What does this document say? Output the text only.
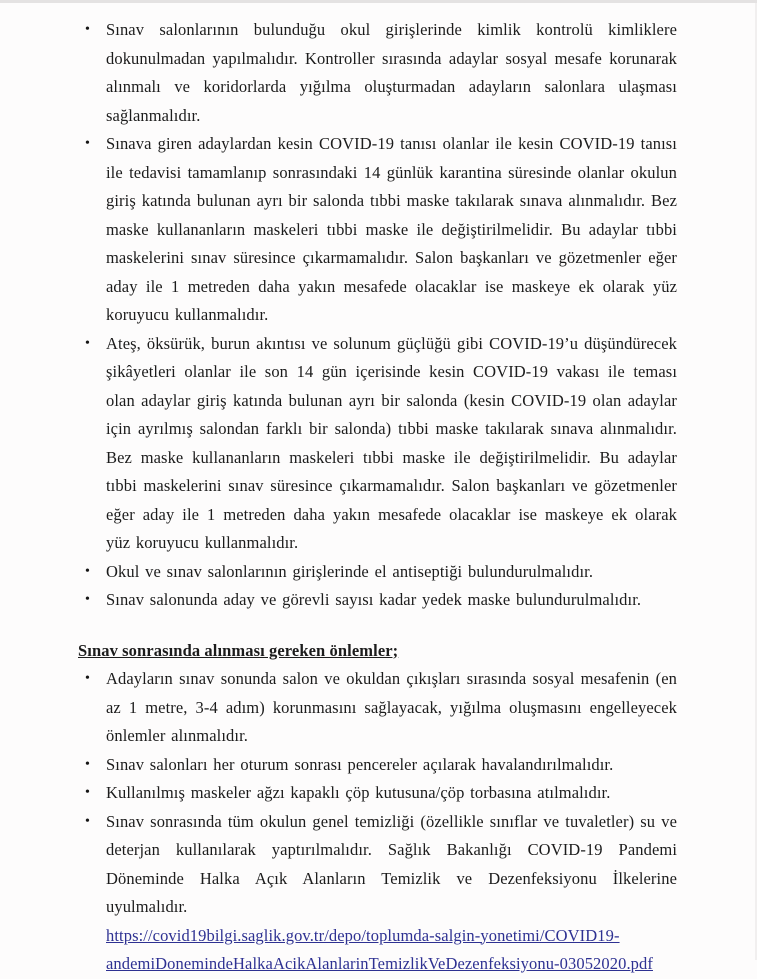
• Sınav salonlarının bulunduğu okul girişlerinde kimlik kontrolü kimliklere dokunulmadan yapılmalıdır. Kontroller sırasında adaylar sosyal mesafe korunarak alınmalı ve koridorlarda yığılma oluşturmadan adayların salonlara ulaşması sağlanmalıdır.
• Sınava giren adaylardan kesin COVID-19 tanısı olanlar ile kesin COVID-19 tanısı ile tedavisi tamamlanıp sonrasındaki 14 günlük karantina süresinde olanlar okulun giriş katında bulunan ayrı bir salonda tıbbi maske takılarak sınava alınmalıdır. Bez maske kullananların maskeleri tıbbi maske ile değiştirilmelidir. Bu adaylar tıbbi maskelerini sınav süresince çıkarmamalıdır. Salon başkanları ve gözetmenler eğer aday ile 1 metreden daha yakın mesafede olacaklar ise maskeye ek olarak yüz koruyucu kullanmalıdır.
• Ateş, öksürük, burun akıntısı ve solunum güçlüğü gibi COVID-19’u düşündürecek şikâyetleri olanlar ile son 14 gün içerisinde kesin COVID-19 vakası ile teması olan adaylar giriş katında bulunan ayrı bir salonda (kesin COVID-19 olan adaylar için ayrılmış salondan farklı bir salonda) tıbbi maske takılarak sınava alınmalıdır. Bez maske kullananların maskeleri tıbbi maske ile değiştirilmelidir. Bu adaylar tıbbi maskelerini sınav süresince çıkarmamalıdır. Salon başkanları ve gözetmenler eğer aday ile 1 metreden daha yakın mesafede olacaklar ise maskeye ek olarak yüz koruyucu kullanmalıdır.
• Okul ve sınav salonlarının girişlerinde el antiseptiği bulundurulmalıdır.
• Sınav salonunda aday ve görevli sayısı kadar yedek maske bulundurulmalıdır.
Sınav sonrasında alınması gereken önlemler;
• Adayların sınav sonunda salon ve okuldan çıkışları sırasında sosyal mesafenin (en az 1 metre, 3-4 adım) korunmasını sağlayacak, yığılma oluşmasını engelleyecek önlemler alınmalıdır.
• Sınav salonları her oturum sonrası pencereler açılarak havalandırılmalıdır.
• Kullanılmış maskeler ağzı kapaklı çöp kutusuna/çöp torbasına atılmalıdır.
• Sınav sonrasında tüm okulun genel temizliği (özellikle sınıflar ve tuvaletler) su ve deterjan kullanılarak yaptırılmalıdır. Sağlık Bakanlığı COVID-19 Pandemi Döneminde Halka Açık Alanların Temizlik ve Dezenfeksiyonu İlkelerine uyulmalıdır.
https://covid19bilgi.saglik.gov.tr/depo/toplumda-salgin-yonetimi/COVID19-
andemiDonemindeHalkaAcikAlanlarinTemizlikVeDezenfeksiyonu-03052020.pdf
